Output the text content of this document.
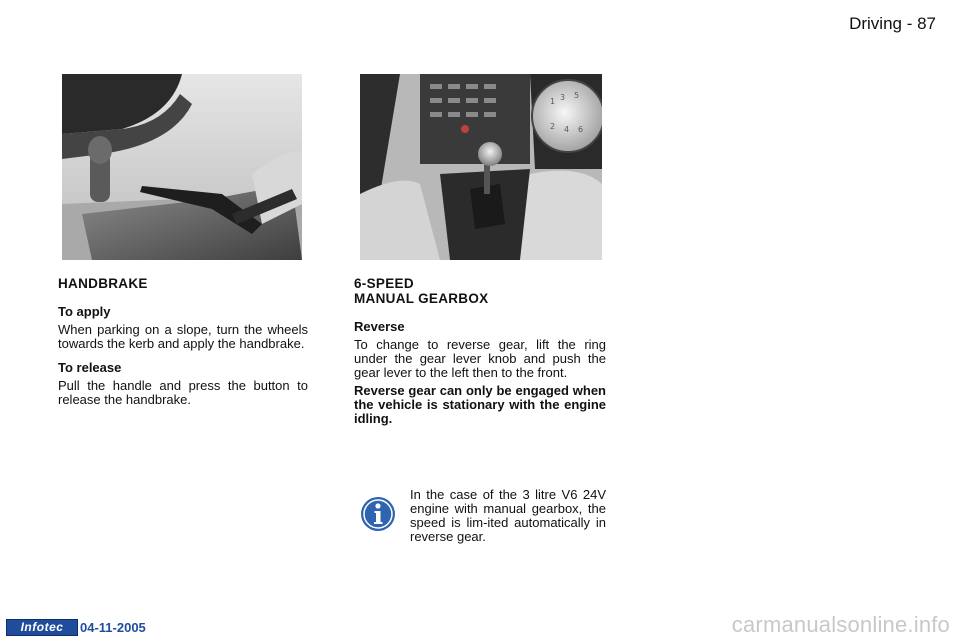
Driving - 87
1 3 5
2 4 6
HANDBRAKE
To apply
When parking on a slope, turn the wheels towards the kerb and apply the handbrake.
To release
Pull the handle and press the button to release the handbrake.
6-SPEED
MANUAL GEARBOX
Reverse
To change to reverse gear, lift the ring under the gear lever knob and push the gear lever to the left then to the front.
Reverse gear can only be engaged when the vehicle is stationary with the engine idling.
In the case of the 3 litre V6 24V engine with manual gearbox, the speed is lim-ited automatically in reverse gear.
Infotec	04-11-2005	carmanualsonline.info
